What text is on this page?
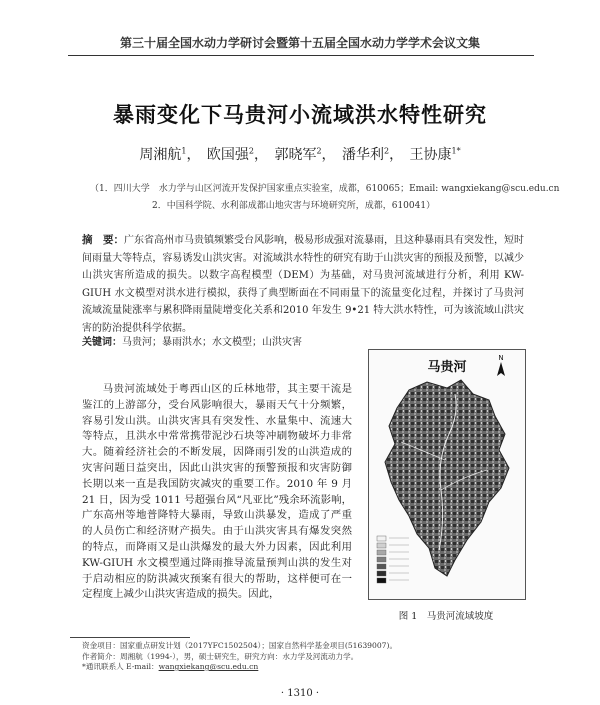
第三十届全国水动力学研讨会暨第十五届全国水动力学学术会议文集
暴雨变化下马贵河小流域洪水特性研究
周湘航$^1$， 欧国强$^2$， 郭晓军$^2$， 潘华利$^2$， 王协康$^{1*}$
（1．四川大学　水力学与山区河流开发保护国家重点实验室，成都，610065；Email: wangxiekang@scu.edu.cn
2．中国科学院、水利部成都山地灾害与环境研究所，成都，610041）
摘　要：广东省高州市马贵镇频繁受台风影响，极易形成强对流暴雨，且这种暴雨具有突发性，短时间雨量大等特点，容易诱发山洪灾害。对流域洪水特性的研究有助于山洪灾害的预报及预警，以减少山洪灾害所造成的损失。以数字高程模型（DEM）为基础，对马贵河流域进行分析，利用 KW-GIUH 水文模型对洪水进行模拟，获得了典型断面在不同雨量下的流量变化过程，并探讨了马贵河流域流量陡涨率与累积降雨量陡增变化关系和2010 年发生 9•21 特大洪水特性，可为该流域山洪灾害的防治提供科学依据。
关键词：马贵河；暴雨洪水；水文模型；山洪灾害

马贵河流域处于粤西山区的丘林地带，其主要干流是鉴江的上游部分，受台风影响很大，暴雨天气十分频繁，容易引发山洪。山洪灾害具有突发性、水量集中、流速大等特点，且洪水中常常携带泥沙石块等冲刷物破坏力非常大。随着经济社会的不断发展，因降雨引发的山洪造成的灾害问题日益突出，因此山洪灾害的预警预报和灾害防御长期以来一直是我国防灾减灾的重要工作。2010 年 9 月 21 日，因为受 1011 号超强台风“凡亚比”残余环流影响，广东高州等地普降特大暴雨，导致山洪暴发，造成了严重的人员伤亡和经济财产损失。由于山洪灾害具有爆发突然的特点，而降雨又是山洪爆发的最大外力因素，因此利用KW-GIUH 水文模型通过降雨推导流量预判山洪的发生对于启动相应的防洪减灾预案有很大的帮助，这样便可在一定程度上减少山洪灾害造成的损失。因此，

N
马贵河
图 1　马贵河流域坡度
资金项目：国家重点研发计划（2017YFC1502504）；国家自然科学基金项目(51639007)。
作者简介：周湘航（1994-），男，硕士研究生，研究方向：水力学及河流动力学。
*通讯联系人 E-mail：wangxiekang@scu.edu.cn
· 1310 ·
